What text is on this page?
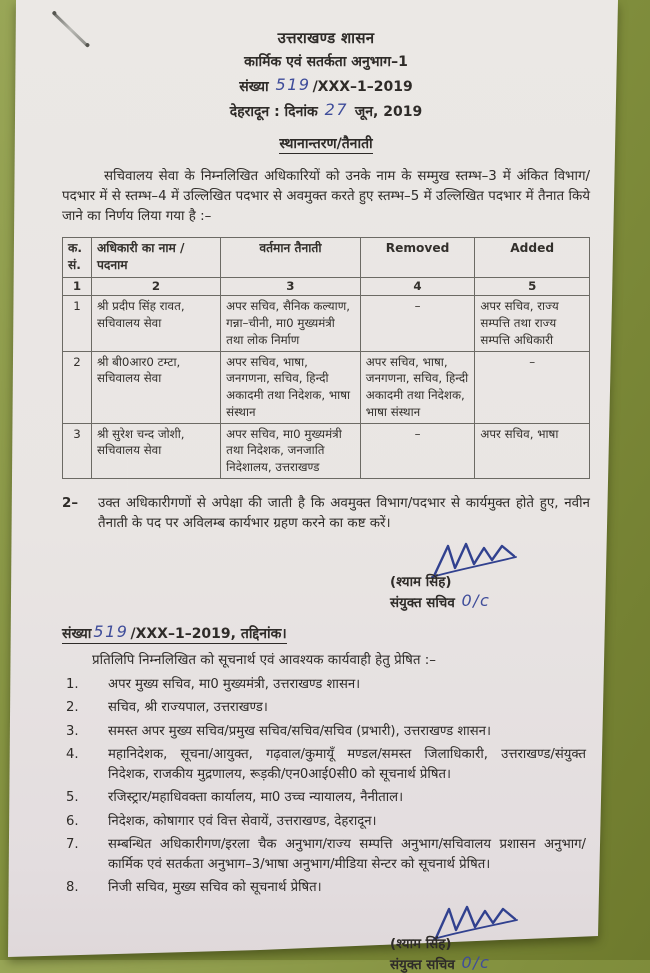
उत्तराखण्ड शासन
कार्मिक एवं सतर्कता अनुभाग–1
संख्या 519 /XXX–1–2019
देहरादून : दिनांक 27 जून, 2019
स्थानान्तरण/तैनाती
सचिवालय सेवा के निम्नलिखित अधिकारियों को उनके नाम के सम्मुख स्तम्भ–3 में अंकित विभाग/पदभार में से स्तम्भ–4 में उल्लिखित पदभार से अवमुक्त करते हुए स्तम्भ–5 में उल्लिखित पदभार में तैनात किये जाने का निर्णय लिया गया है :–
क. सं.	अधिकारी का नाम /पदनाम	वर्तमान तैनाती	Removed	Added
1	2	3	4	5
1	श्री प्रदीप सिंह रावत, सचिवालय सेवा	अपर सचिव, सैनिक कल्याण, गन्ना–चीनी, मा0 मुख्यमंत्री तथा लोक निर्माण	–	अपर सचिव, राज्य सम्पत्ति तथा राज्य सम्पत्ति अधिकारी
2	श्री बी0आर0 टम्टा, सचिवालय सेवा	अपर सचिव, भाषा, जनगणना, सचिव, हिन्दी अकादमी तथा निदेशक, भाषा संस्थान	अपर सचिव, भाषा, जनगणना, सचिव, हिन्दी अकादमी तथा निदेशक, भाषा संस्थान	–
3	श्री सुरेश चन्द जोशी, सचिवालय सेवा	अपर सचिव, मा0 मुख्यमंत्री तथा निदेशक, जनजाति निदेशालय, उत्तराखण्ड	–	अपर सचिव, भाषा
2–	उक्त अधिकारीगणों से अपेक्षा की जाती है कि अवमुक्त विभाग/पदभार से कार्यमुक्त होते हुए, नवीन तैनाती के पद पर अविलम्ब कार्यभार ग्रहण करने का कष्ट करें।
(श्याम सिंह)
संयुक्त सचिव 0/c
संख्या 519 /XXX–1–2019, तद्दिनांक।
प्रतिलिपि निम्नलिखित को सूचनार्थ एवं आवश्यक कार्यवाही हेतु प्रेषित :–
1.	अपर मुख्य सचिव, मा0 मुख्यमंत्री, उत्तराखण्ड शासन।
2.	सचिव, श्री राज्यपाल, उत्तराखण्ड।
3.	समस्त अपर मुख्य सचिव/प्रमुख सचिव/सचिव/सचिव (प्रभारी), उत्तराखण्ड शासन।
4.	महानिदेशक, सूचना/आयुक्त, गढ़वाल/कुमायूँ मण्डल/समस्त जिलाधिकारी, उत्तराखण्ड/संयुक्त निदेशक, राजकीय मुद्रणालय, रूड़की/एन0आई0सी0 को सूचनार्थ प्रेषित।
5.	रजिस्ट्रार/महाधिवक्ता कार्यालय, मा0 उच्च न्यायालय, नैनीताल।
6.	निदेशक, कोषागार एवं वित्त सेवायें, उत्तराखण्ड, देहरादून।
7.	सम्बन्धित अधिकारीगण/इरला चैक अनुभाग/राज्य सम्पत्ति अनुभाग/सचिवालय प्रशासन अनुभाग/कार्मिक एवं सतर्कता अनुभाग–3/भाषा अनुभाग/मीडिया सेन्टर को सूचनार्थ प्रेषित।
8.	निजी सचिव, मुख्य सचिव को सूचनार्थ प्रेषित।
(श्याम सिंह)
संयुक्त सचिव 0/c
